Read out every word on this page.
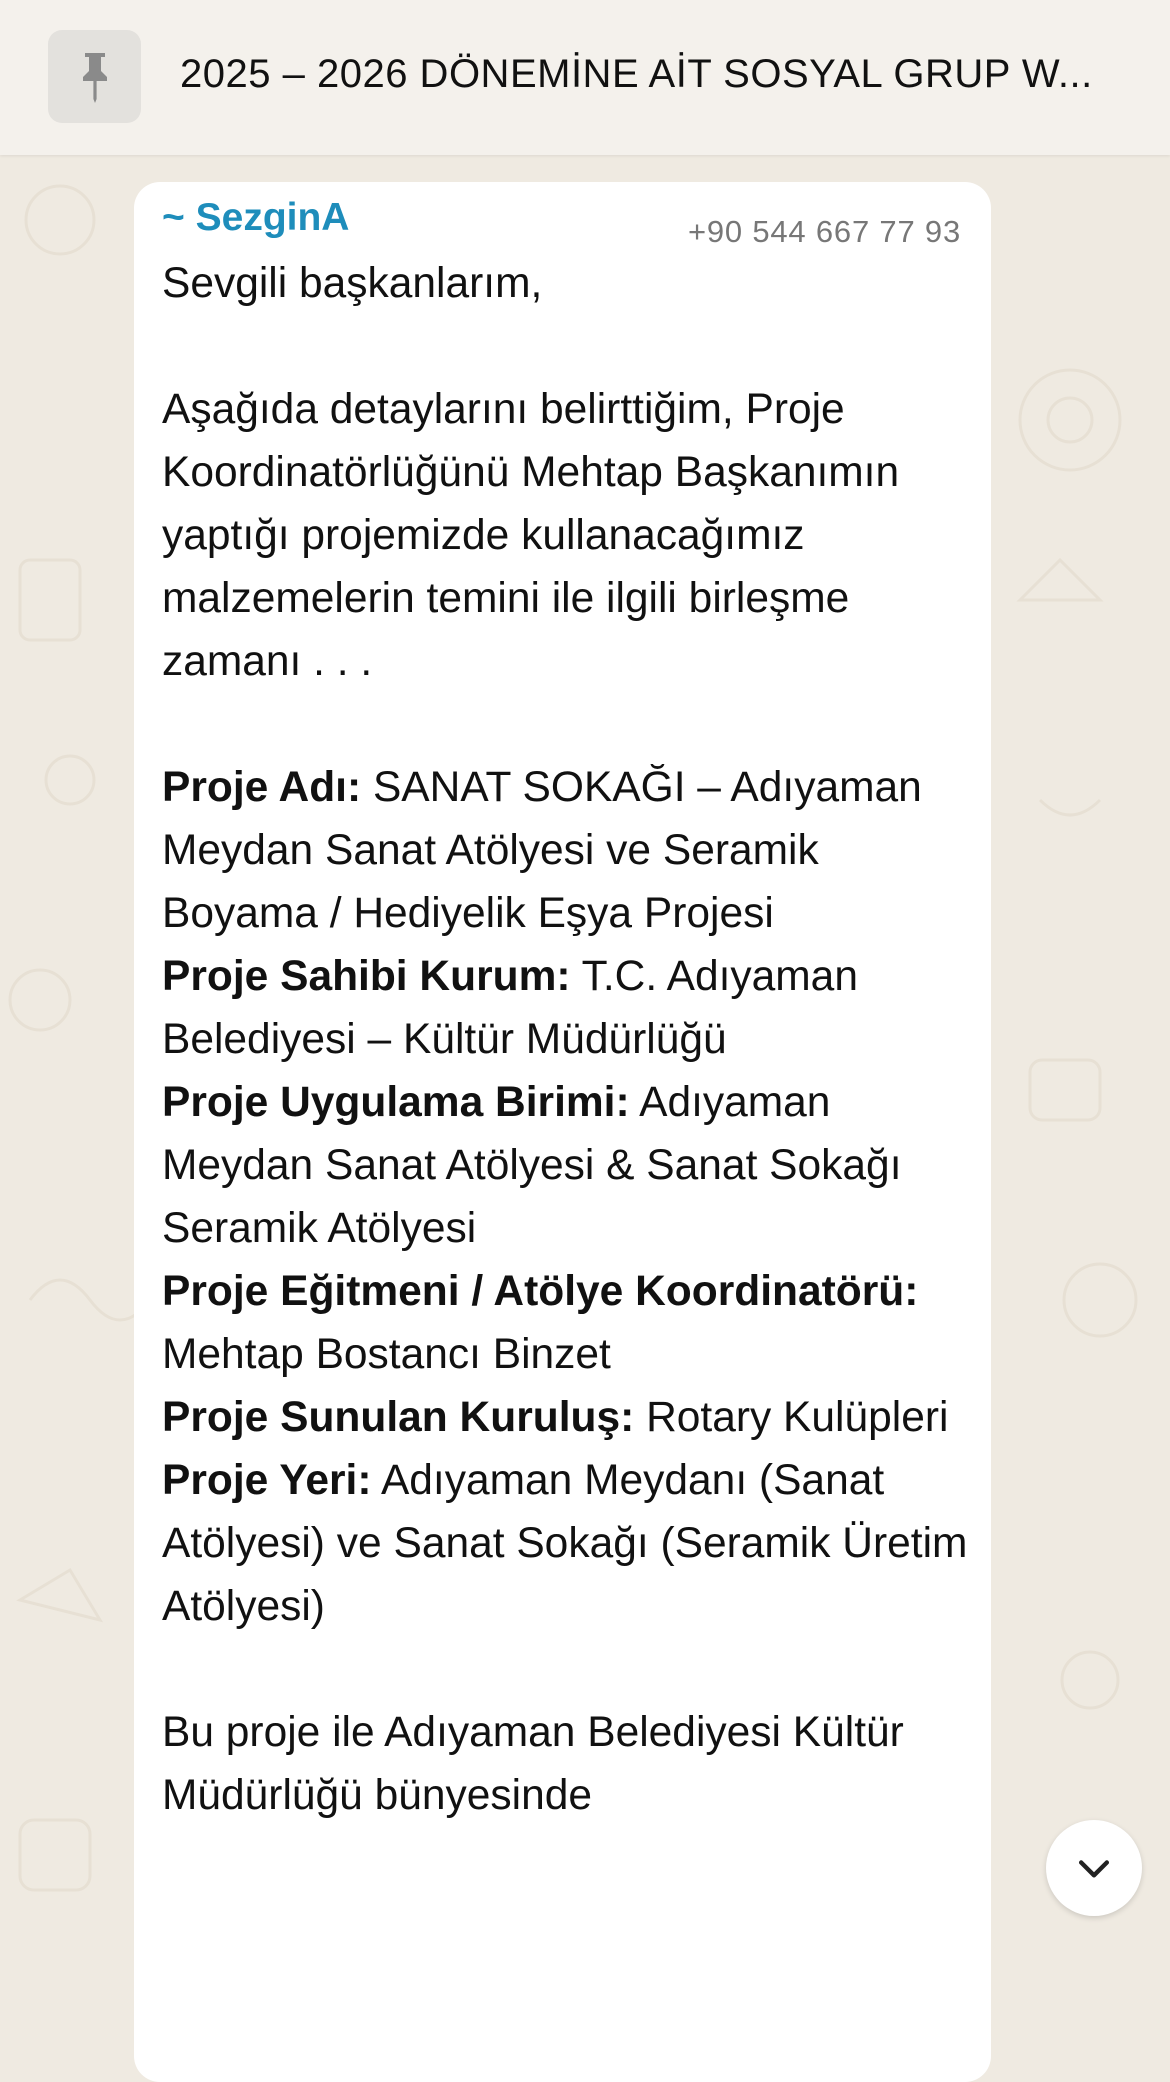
2025 – 2026 DÖNEMİNE AİT SOSYAL GRUP W...
~ SezginA	+90 544 667 77 93

Sevgili başkanlarım,

Aşağıda detaylarını belirttiğim, Proje Koordinatörlüğünü Mehtap Başkanımın yaptığı projemizde kullanacağımız malzemelerin temini ile ilgili birleşme zamanı . . .

Proje Adı: SANAT SOKAĞI – Adıyaman Meydan Sanat Atölyesi ve Seramik Boyama / Hediyelik Eşya Projesi

Proje Sahibi Kurum: T.C. Adıyaman Belediyesi – Kültür Müdürlüğü

Proje Uygulama Birimi: Adıyaman Meydan Sanat Atölyesi & Sanat Sokağı Seramik Atölyesi

Proje Eğitmeni / Atölye Koordinatörü: Mehtap Bostancı Binzet

Proje Sunulan Kuruluş: Rotary Kulüpleri

Proje Yeri: Adıyaman Meydanı (Sanat Atölyesi) ve Sanat Sokağı (Seramik Üretim Atölyesi)

Bu proje ile Adıyaman Belediyesi Kültür Müdürlüğü bünyesinde
